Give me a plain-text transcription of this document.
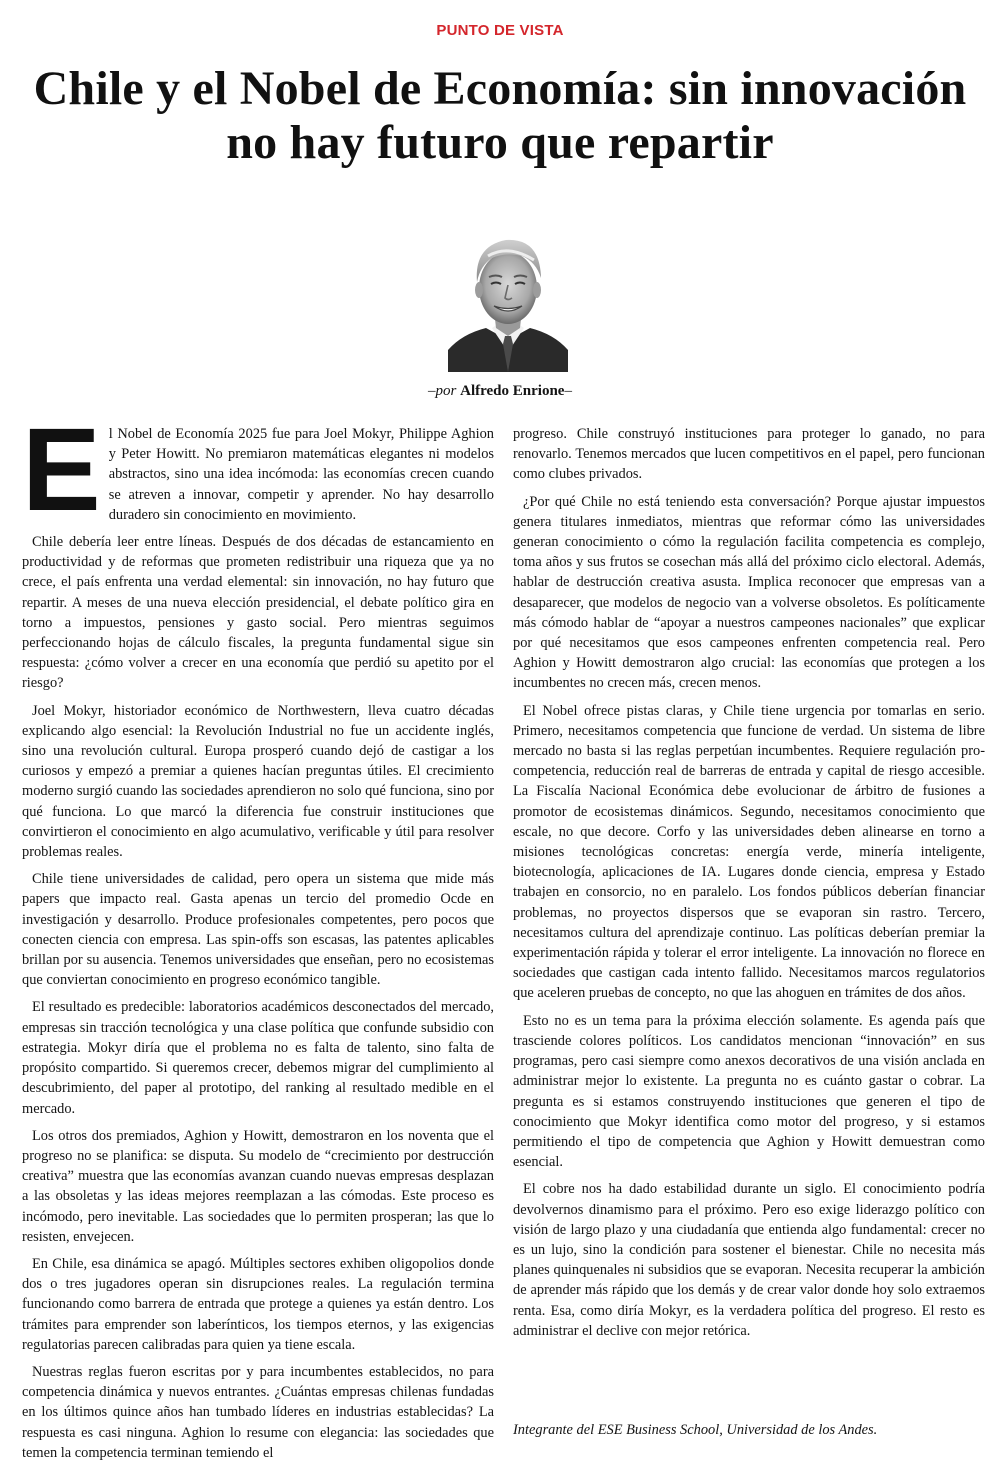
PUNTO DE VISTA
Chile y el Nobel de Economía: sin innovación no hay futuro que repartir
–por Alfredo Enrione–

El Nobel de Economía 2025 fue para Joel Mokyr, Philippe Aghion y Peter Howitt. No premiaron matemáticas elegantes ni modelos abstractos, sino una idea incómoda: las economías crecen cuando se atreven a innovar, competir y aprender. No hay desarrollo duradero sin conocimiento en movimiento.

Chile debería leer entre líneas. Después de dos décadas de estancamiento en productividad y de reformas que prometen redistribuir una riqueza que ya no crece, el país enfrenta una verdad elemental: sin innovación, no hay futuro que repartir. A meses de una nueva elección presidencial, el debate político gira en torno a impuestos, pensiones y gasto social. Pero mientras seguimos perfeccionando hojas de cálculo fiscales, la pregunta fundamental sigue sin respuesta: ¿cómo volver a crecer en una economía que perdió su apetito por el riesgo?

Joel Mokyr, historiador económico de Northwestern, lleva cuatro décadas explicando algo esencial: la Revolución Industrial no fue un accidente inglés, sino una revolución cultural. Europa prosperó cuando dejó de castigar a los curiosos y empezó a premiar a quienes hacían preguntas útiles. El crecimiento moderno surgió cuando las sociedades aprendieron no solo qué funciona, sino por qué funciona. Lo que marcó la diferencia fue construir instituciones que convirtieron el conocimiento en algo acumulativo, verificable y útil para resolver problemas reales.

Chile tiene universidades de calidad, pero opera un sistema que mide más papers que impacto real. Gasta apenas un tercio del promedio Ocde en investigación y desarrollo. Produce profesionales competentes, pero pocos que conecten ciencia con empresa. Las spin-offs son escasas, las patentes aplicables brillan por su ausencia. Tenemos universidades que enseñan, pero no ecosistemas que conviertan conocimiento en progreso económico tangible.

El resultado es predecible: laboratorios académicos desconectados del mercado, empresas sin tracción tecnológica y una clase política que confunde subsidio con estrategia. Mokyr diría que el problema no es falta de talento, sino falta de propósito compartido. Si queremos crecer, debemos migrar del cumplimiento al descubrimiento, del paper al prototipo, del ranking al resultado medible en el mercado.

Los otros dos premiados, Aghion y Howitt, demostraron en los noventa que el progreso no se planifica: se disputa. Su modelo de “crecimiento por destrucción creativa” muestra que las economías avanzan cuando nuevas empresas desplazan a las obsoletas y las ideas mejores reemplazan a las cómodas. Este proceso es incómodo, pero inevitable. Las sociedades que lo permiten prosperan; las que lo resisten, envejecen.

En Chile, esa dinámica se apagó. Múltiples sectores exhiben oligopolios donde dos o tres jugadores operan sin disrupciones reales. La regulación termina funcionando como barrera de entrada que protege a quienes ya están dentro. Los trámites para emprender son laberínticos, los tiempos eternos, y las exigencias regulatorias parecen calibradas para quien ya tiene escala.

Nuestras reglas fueron escritas por y para incumbentes establecidos, no para competencia dinámica y nuevos entrantes. ¿Cuántas empresas chilenas fundadas en los últimos quince años han tumbado líderes en industrias establecidas? La respuesta es casi ninguna. Aghion lo resume con elegancia: las sociedades que temen la competencia terminan temiendo el

progreso. Chile construyó instituciones para proteger lo ganado, no para renovarlo. Tenemos mercados que lucen competitivos en el papel, pero funcionan como clubes privados.

¿Por qué Chile no está teniendo esta conversación? Porque ajustar impuestos genera titulares inmediatos, mientras que reformar cómo las universidades generan conocimiento o cómo la regulación facilita competencia es complejo, toma años y sus frutos se cosechan más allá del próximo ciclo electoral. Además, hablar de destrucción creativa asusta. Implica reconocer que empresas van a desaparecer, que modelos de negocio van a volverse obsoletos. Es políticamente más cómodo hablar de “apoyar a nuestros campeones nacionales” que explicar por qué necesitamos que esos campeones enfrenten competencia real. Pero Aghion y Howitt demostraron algo crucial: las economías que protegen a los incumbentes no crecen más, crecen menos.

El Nobel ofrece pistas claras, y Chile tiene urgencia por tomarlas en serio. Primero, necesitamos competencia que funcione de verdad. Un sistema de libre mercado no basta si las reglas perpetúan incumbentes. Requiere regulación pro-competencia, reducción real de barreras de entrada y capital de riesgo accesible. La Fiscalía Nacional Económica debe evolucionar de árbitro de fusiones a promotor de ecosistemas dinámicos. Segundo, necesitamos conocimiento que escale, no que decore. Corfo y las universidades deben alinearse en torno a misiones tecnológicas concretas: energía verde, minería inteligente, biotecnología, aplicaciones de IA. Lugares donde ciencia, empresa y Estado trabajen en consorcio, no en paralelo. Los fondos públicos deberían financiar problemas, no proyectos dispersos que se evaporan sin rastro. Tercero, necesitamos cultura del aprendizaje continuo. Las políticas deberían premiar la experimentación rápida y tolerar el error inteligente. La innovación no florece en sociedades que castigan cada intento fallido. Necesitamos marcos regulatorios que aceleren pruebas de concepto, no que las ahoguen en trámites de dos años.

Esto no es un tema para la próxima elección solamente. Es agenda país que trasciende colores políticos. Los candidatos mencionan “innovación” en sus programas, pero casi siempre como anexos decorativos de una visión anclada en administrar mejor lo existente. La pregunta no es cuánto gastar o cobrar. La pregunta es si estamos construyendo instituciones que generen el tipo de conocimiento que Mokyr identifica como motor del progreso, y si estamos permitiendo el tipo de competencia que Aghion y Howitt demuestran como esencial.

El cobre nos ha dado estabilidad durante un siglo. El conocimiento podría devolvernos dinamismo para el próximo. Pero eso exige liderazgo político con visión de largo plazo y una ciudadanía que entienda algo fundamental: crecer no es un lujo, sino la condición para sostener el bienestar. Chile no necesita más planes quinquenales ni subsidios que se evaporan. Necesita recuperar la ambición de aprender más rápido que los demás y de crear valor donde hoy solo extraemos renta. Esa, como diría Mokyr, es la verdadera política del progreso. El resto es administrar el declive con mejor retórica.

Integrante del ESE Business School, Universidad de los Andes.
